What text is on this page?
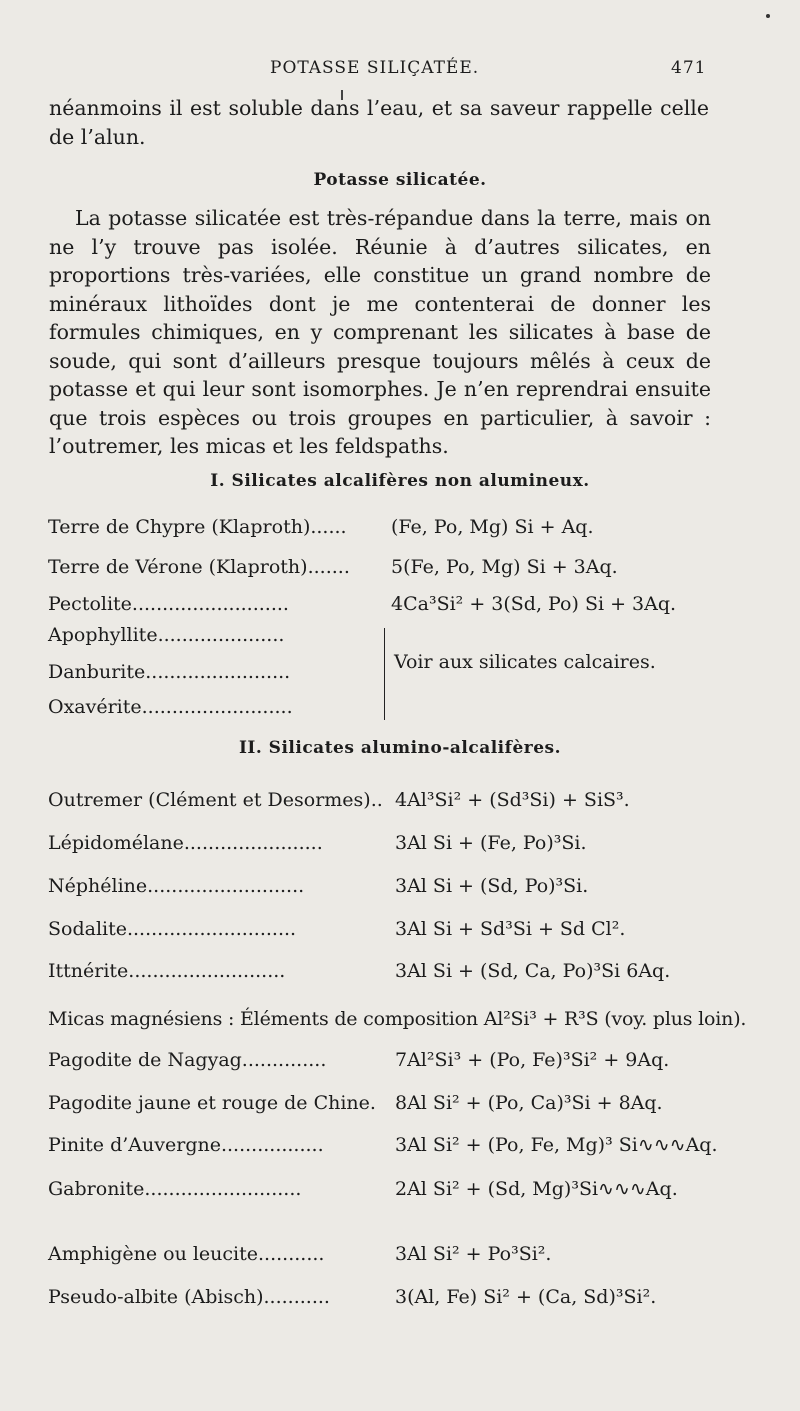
POTASSE SILIÇATÉE.	471

néanmoins il est soluble dans l’eau, et sa saveur rappelle celle de l’alun.

Potasse silicatée.

La potasse silicatée est très-répandue dans la terre, mais on ne l’y trouve pas isolée. Réunie à d’autres silicates, en proportions très-variées, elle constitue un grand nombre de minéraux lithoïdes dont je me contenterai de donner les formules chimiques, en y comprenant les silicates à base de soude, qui sont d’ailleurs presque toujours mêlés à ceux de potasse et qui leur sont isomorphes. Je n’en reprendrai ensuite que trois espèces ou trois groupes en particulier, à savoir : l’outremer, les micas et les feldspaths.

I. Silicates alcalifères non alumineux.
Terre de Chypre (Klaproth)...... (Fe, Po, Mg) Si + Aq.
Terre de Vérone (Klaproth)....... 5(Fe, Po, Mg) Si + 3Aq.
Pectolite..........................	4Ca³Si² + 3(Sd, Po) Si + 3Aq.
Apophyllite.....................
Danburite........................
Oxavérite.........................
Voir aux silicates calcaires.
II. Silicates alumino-alcalifères.
Outremer (Clément et Desormes).. 4Al³Si² + (Sd³Si) + SiS³.
Lépidomélane.......................	3Al Si + (Fe, Po)³Si.
Néphéline..........................	3Al Si + (Sd, Po)³Si.
Sodalite............................	3Al Si + Sd³Si + Sd Cl².
Ittnérite..........................	3Al Si + (Sd, Ca, Po)³Si 6Aq.
Micas magnésiens : Éléments de composition Al²Si³ + R³S (voy. plus loin).
Pagodite de Nagyag..............	7Al²Si³ + (Po, Fe)³Si² + 9Aq.
Pagodite jaune et rouge de Chine. 8Al Si² + (Po, Ca)³Si + 8Aq.
Pinite d’Auvergne.................	3Al Si² + (Po, Fe, Mg)³ Si∿∿∿Aq.
Gabronite..........................	2Al Si² + (Sd, Mg)³Si∿∿∿Aq.
Amphigène ou leucite...........	3Al Si² + Po³Si².
Pseudo-albite (Abisch)...........	3(Al, Fe) Si² + (Ca, Sd)³Si².
